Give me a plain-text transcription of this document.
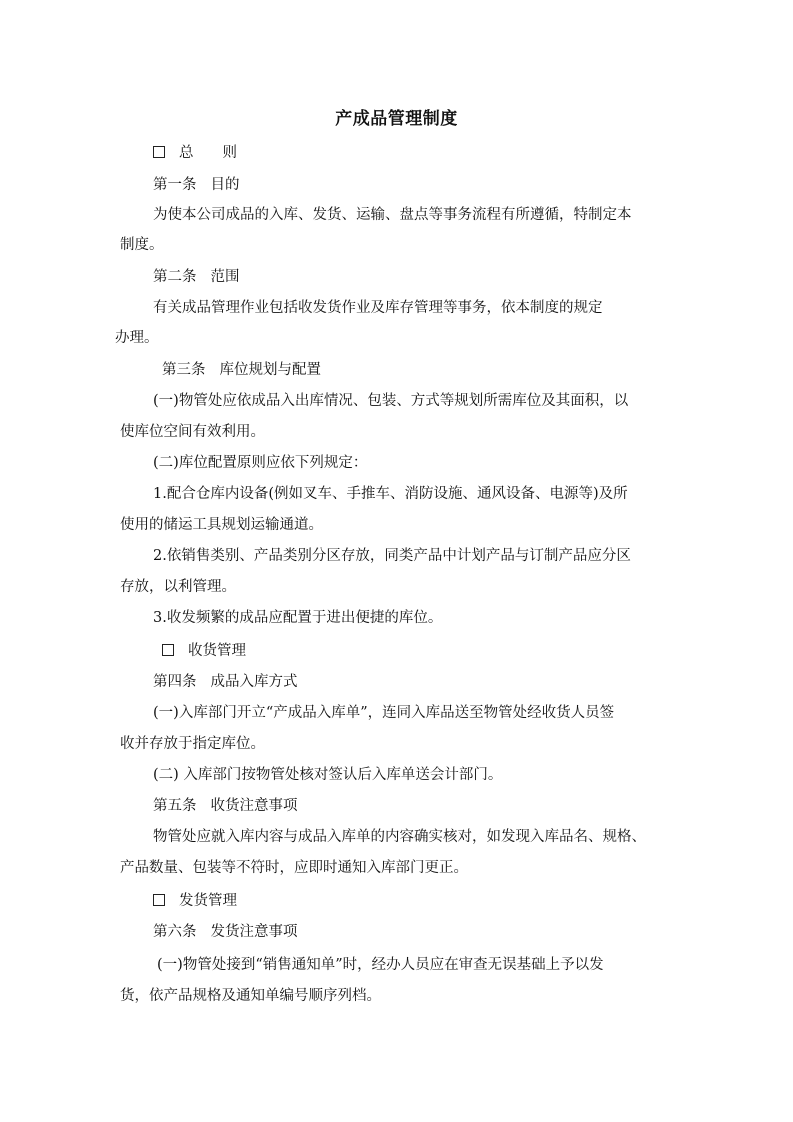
产成品管理制度
总　　则
第一条 目的
为使本公司成品的入库、发货、运输、盘点等事务流程有所遵循，特制定本
制度。
第二条 范围
有关成品管理作业包括收发货作业及库存管理等事务，依本制度的规定
办理。
第三条 库位规划与配置
(一)物管处应依成品入出库情况、包装、方式等规划所需库位及其面积，以
使库位空间有效利用。
(二)库位配置原则应依下列规定：
1.配合仓库内设备(例如叉车、手推车、消防设施、通风设备、电源等)及所
使用的储运工具规划运输通道。
2.依销售类别、产品类别分区存放，同类产品中计划产品与订制产品应分区
存放，以利管理。
3.收发频繁的成品应配置于进出便捷的库位。
收货管理
第四条 成品入库方式
(一)入库部门开立“产成品入库单”，连同入库品送至物管处经收货人员签
收并存放于指定库位。
(二) 入库部门按物管处核对签认后入库单送会计部门。
第五条 收货注意事项
物管处应就入库内容与成品入库单的内容确实核对，如发现入库品名、规格、
产品数量、包装等不符时，应即时通知入库部门更正。
发货管理
第六条 发货注意事项
(一)物管处接到“销售通知单”时，经办人员应在审查无误基础上予以发
货，依产品规格及通知单编号顺序列档。
